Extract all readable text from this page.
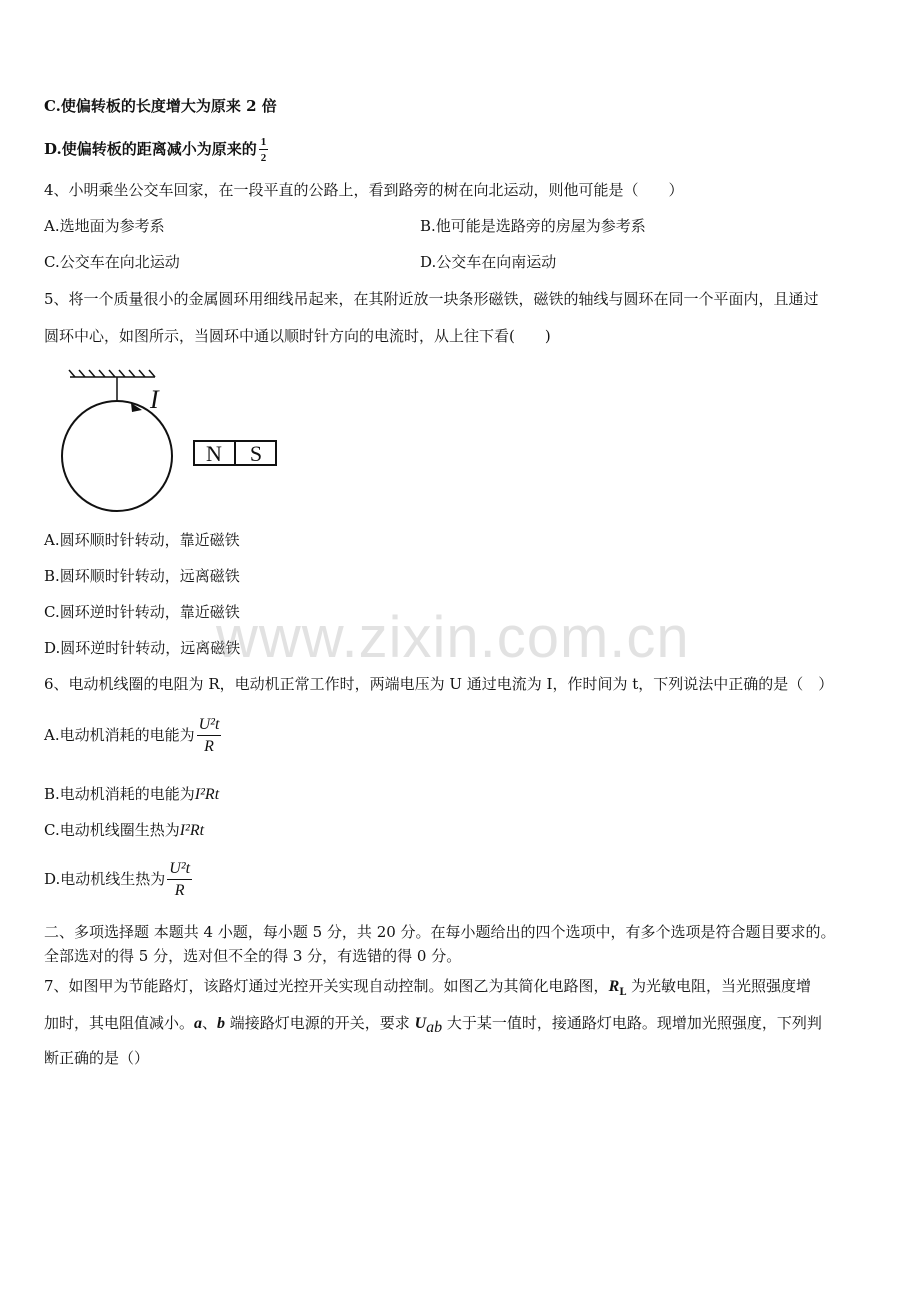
C.使偏转板的长度增大为原来 2 倍
D.使偏转板的距离减小为原来的 $\frac{1}{2}$
4、小明乘坐公交车回家，在一段平直的公路上，看到路旁的树在向北运动，则他可能是（　　）
A.选地面为参考系	B.他可能是选路旁的房屋为参考系
C.公交车在向北运动	D.公交车在向南运动
5、将一个质量很小的金属圆环用细线吊起来，在其附近放一块条形磁铁，磁铁的轴线与圆环在同一个平面内，且通过
圆环中心，如图所示，当圆环中通以顺时针方向的电流时，从上往下看(　　)
I
N S
A.圆环顺时针转动，靠近磁铁
B.圆环顺时针转动，远离磁铁
C.圆环逆时针转动，靠近磁铁
D.圆环逆时针转动，远离磁铁
www.zixin.com.cn
6、电动机线圈的电阻为 R，电动机正常工作时，两端电压为 U 通过电流为 I，作时间为 t，下列说法中正确的是（　）
A.电动机消耗的电能为 $\frac{\text{U²t}}{R}$
B.电动机消耗的电能为I²Rt
C.电动机线圈生热为I²Rt
D.电动机线生热为 $\frac{\text{U²t}}{R}$
二、多项选择题 本题共 4 小题，每小题 5 分，共 20 分。在每小题给出的四个选项中，有多个选项是符合题目要求的。
全部选对的得 5 分，选对但不全的得 3 分，有选错的得 0 分。
7、如图甲为节能路灯，该路灯通过光控开关实现自动控制。如图乙为其简化电路图，$R_L$ 为光敏电阻，当光照强度增
加时，其电阻值减小。a、b 端接路灯电源的开关，要求 $U_{ab}$ 大于某一值时，接通路灯电路。现增加光照强度，下列判
断正确的是（）
